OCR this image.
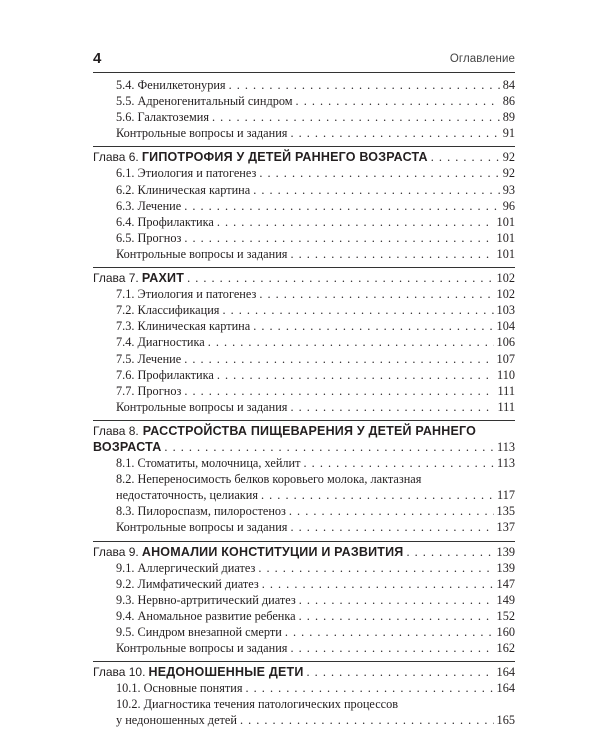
4	Оглавление
5.4. Фенилкетонурия . . .	84
5.5. Адреногенитальный синдром . . .	86
5.6. Галактоземия . . .	89
Контрольные вопросы и задания . . .	91
Глава 6. ГИПОТРОФИЯ У ДЕТЕЙ РАННЕГО ВОЗРАСТА . . .	92
6.1. Этиология и патогенез . . .	92
6.2. Клиническая картина . . .	93
6.3. Лечение . . .	96
6.4. Профилактика . . .	101
6.5. Прогноз . . .	101
Контрольные вопросы и задания . . .	101
Глава 7. РАХИТ . . .	102
7.1. Этиология и патогенез . . .	102
7.2. Классификация . . .	103
7.3. Клиническая картина . . .	104
7.4. Диагностика . . .	106
7.5. Лечение . . .	107
7.6. Профилактика . . .	110
7.7. Прогноз . . .	111
Контрольные вопросы и задания . . .	111
Глава 8. РАССТРОЙСТВА ПИЩЕВАРЕНИЯ У ДЕТЕЙ РАННЕГО
ВОЗРАСТА . . .	113
8.1. Стоматиты, молочница, хейлит . . .	113
8.2. Непереносимость белков коровьего молока, лактазная
недостаточность, целиакия . . .	117
8.3. Пилороспазм, пилоростеноз . . .	135
Контрольные вопросы и задания . . .	137
Глава 9. АНОМАЛИИ КОНСТИТУЦИИ И РАЗВИТИЯ . . .	139
9.1. Аллергический диатез . . .	139
9.2. Лимфатический диатез . . .	147
9.3. Нервно-артритический диатез . . .	149
9.4. Аномальное развитие ребенка . . .	152
9.5. Синдром внезапной смерти . . .	160
Контрольные вопросы и задания . . .	162
Глава 10. НЕДОНОШЕННЫЕ ДЕТИ . . .	164
10.1. Основные понятия . . .	164
10.2. Диагностика течения патологических процессов
у недоношенных детей . . .	165
